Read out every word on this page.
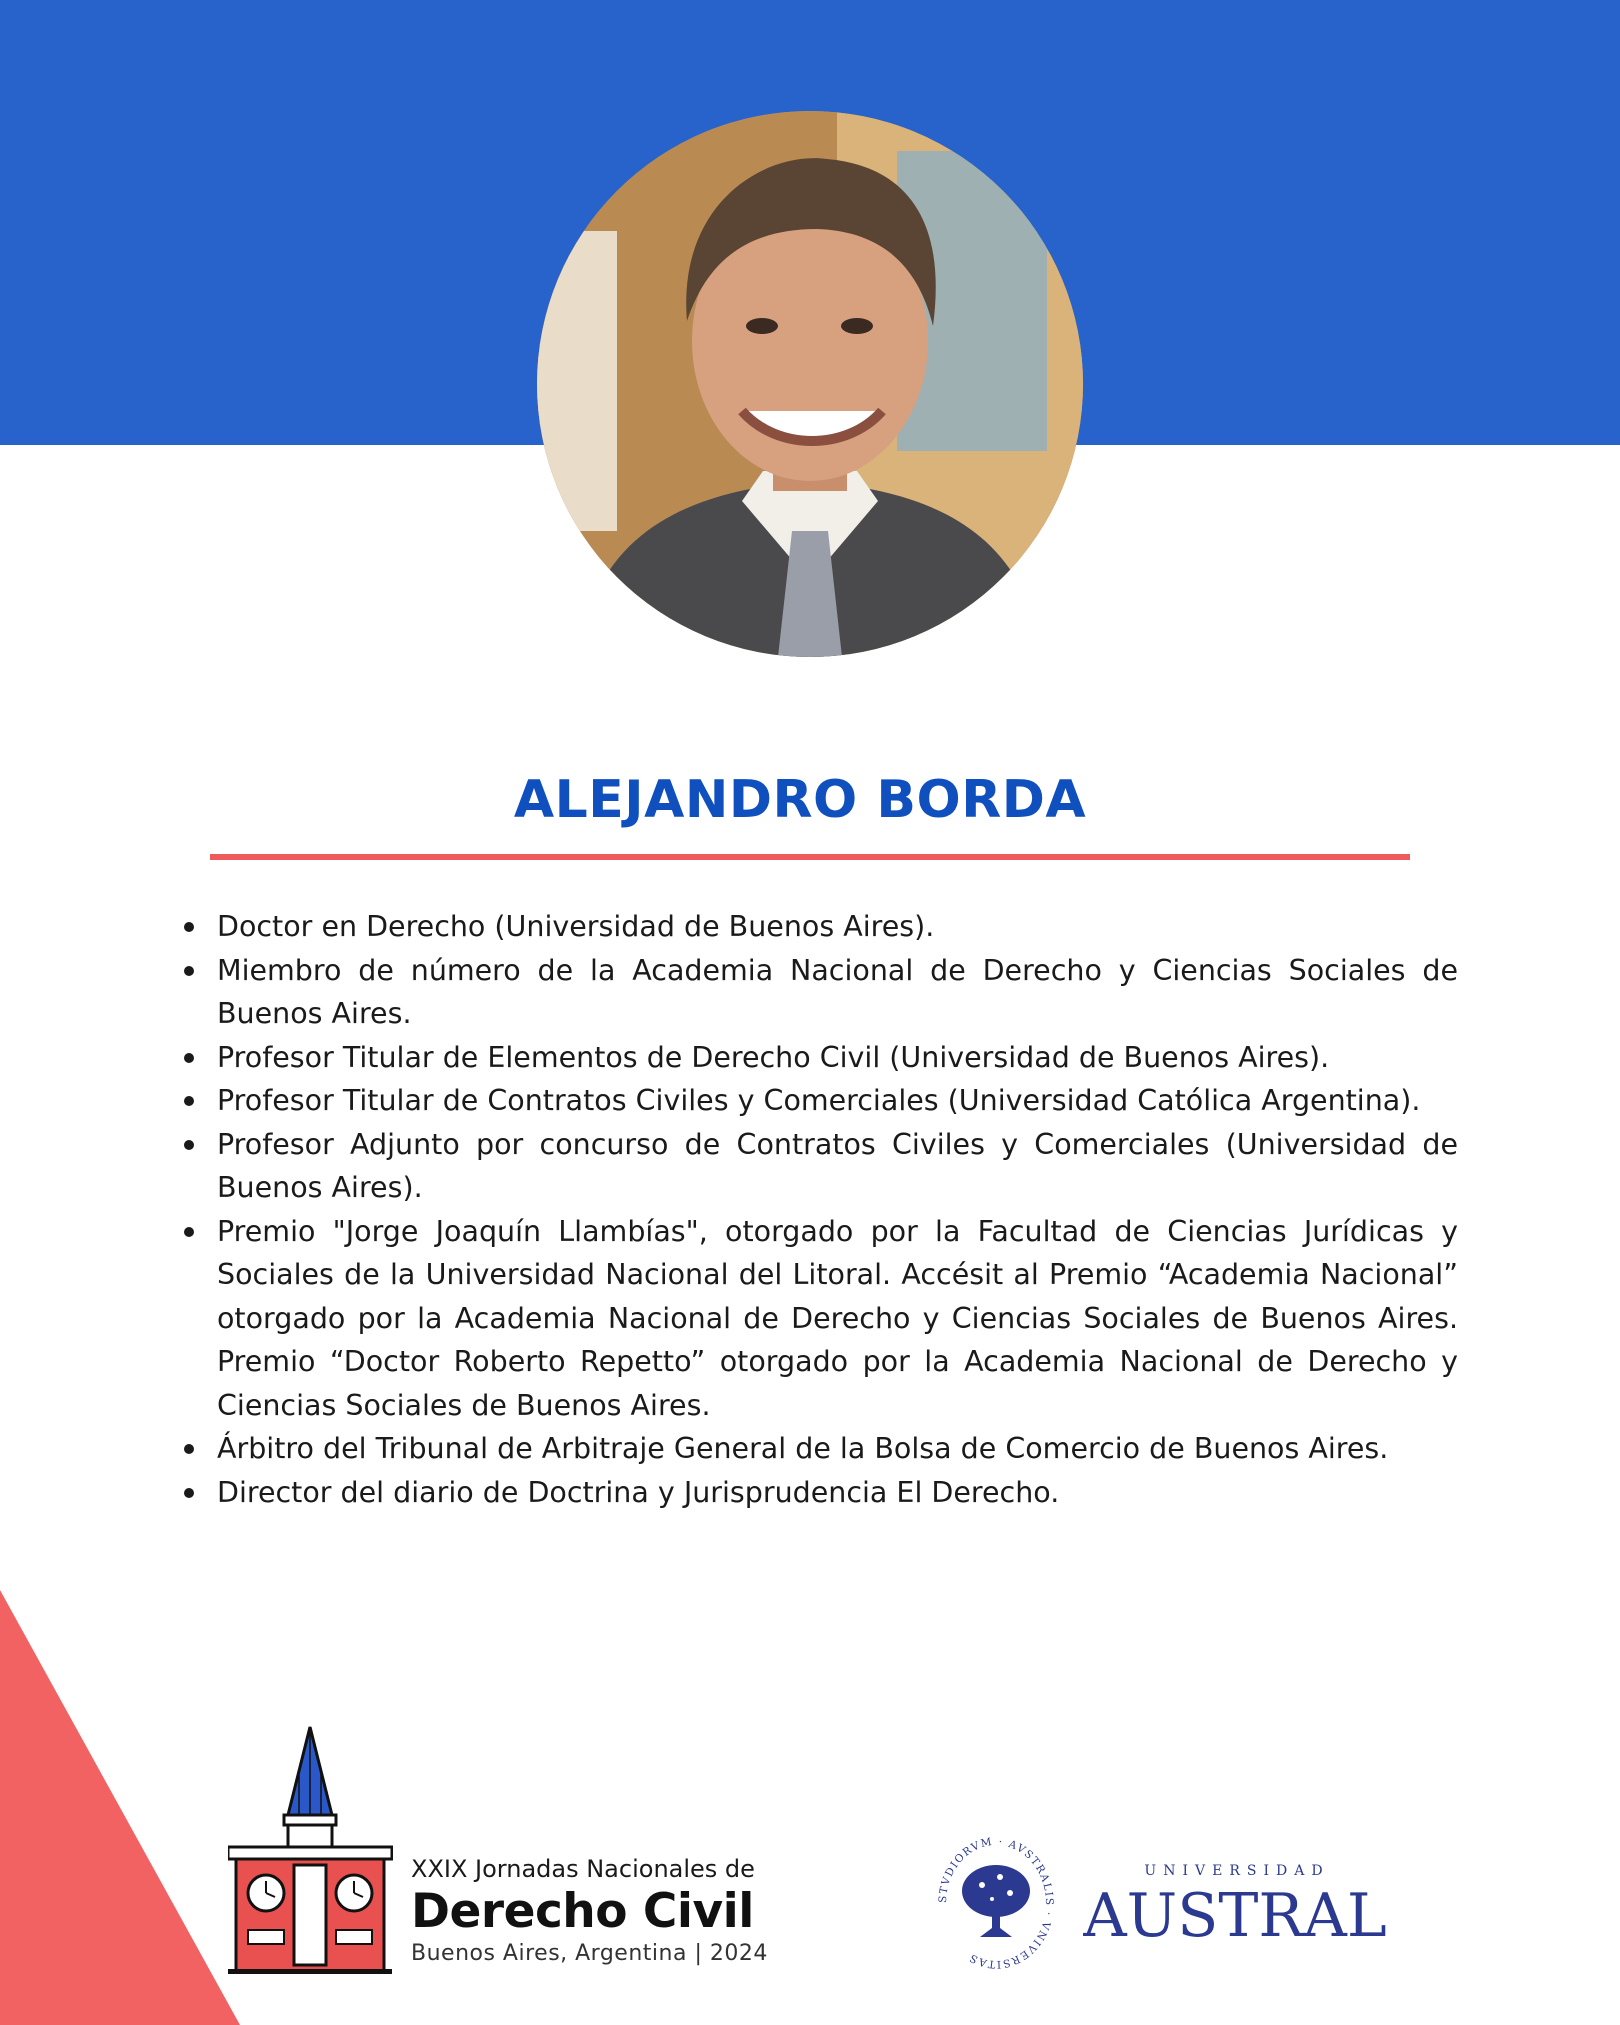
ALEJANDRO BORDA
Doctor en Derecho (Universidad de Buenos Aires).
Miembro de número de la Academia Nacional de Derecho y Ciencias Sociales de Buenos Aires.
Profesor Titular de Elementos de Derecho Civil (Universidad de Buenos Aires).
Profesor Titular de Contratos Civiles y Comerciales (Universidad Católica Argentina).
Profesor Adjunto por concurso de Contratos Civiles y Comerciales (Universidad de Buenos Aires).
Premio "Jorge Joaquín Llambías", otorgado por la Facultad de Ciencias Jurídicas y Sociales de la Universidad Nacional del Litoral. Accésit al Premio “Academia Nacional” otorgado por la Academia Nacional de Derecho y Ciencias Sociales de Buenos Aires. Premio “Doctor Roberto Repetto” otorgado por la Academia Nacional de Derecho y Ciencias Sociales de Buenos Aires.
Árbitro del Tribunal de Arbitraje General de la Bolsa de Comercio de Buenos Aires.
Director del diario de Doctrina y Jurisprudencia El Derecho.
XXIX Jornadas Nacionales de
Derecho Civil
Buenos Aires, Argentina | 2024
STVDIORVM · AVSTRALIS · VNIVERSITAS
UNIVERSIDAD
AUSTRAL
